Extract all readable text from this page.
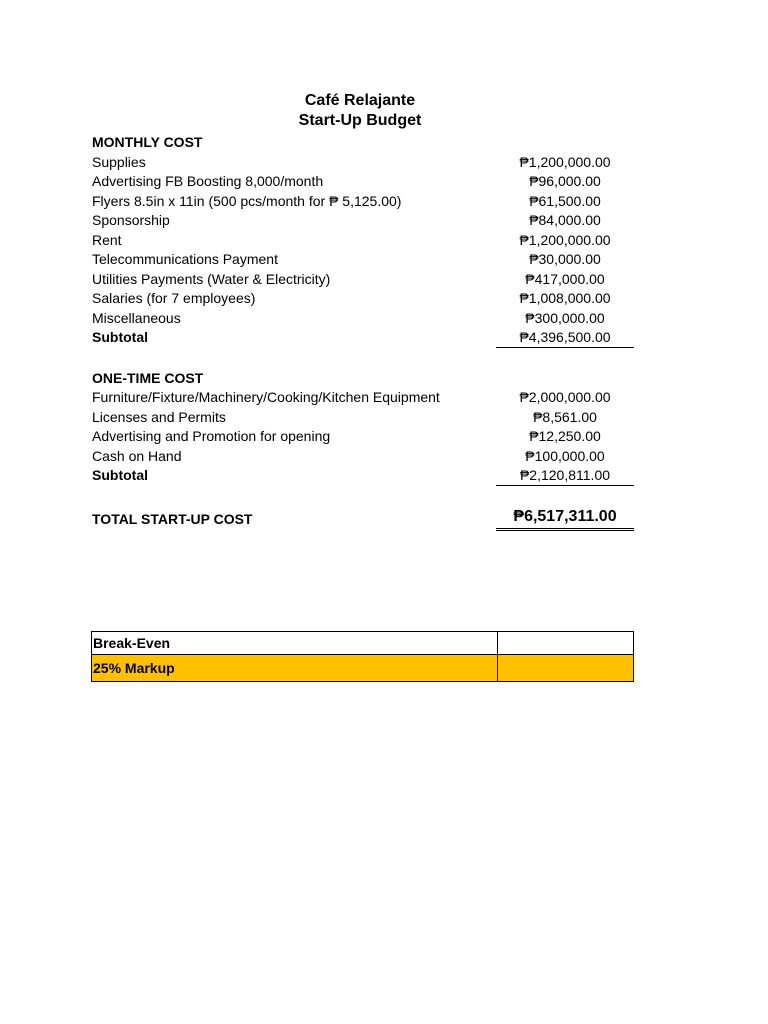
Café Relajante
Start-Up Budget
MONTHLY COST
Supplies	₱1,200,000.00
Advertising FB Boosting 8,000/month	₱96,000.00
Flyers 8.5in x 11in (500 pcs/month for ₱ 5,125.00)	₱61,500.00
Sponsorship	₱84,000.00
Rent	₱1,200,000.00
Telecommunications Payment	₱30,000.00
Utilities Payments (Water & Electricity)	₱417,000.00
Salaries (for 7 employees)	₱1,008,000.00
Miscellaneous	₱300,000.00
Subtotal	₱4,396,500.00
ONE-TIME COST
Furniture/Fixture/Machinery/Cooking/Kitchen Equipment	₱2,000,000.00
Licenses and Permits	₱8,561.00
Advertising and Promotion for opening	₱12,250.00
Cash on Hand	₱100,000.00
Subtotal	₱2,120,811.00
TOTAL START-UP COST	₱6,517,311.00
Break-Even	
25% Markup	
